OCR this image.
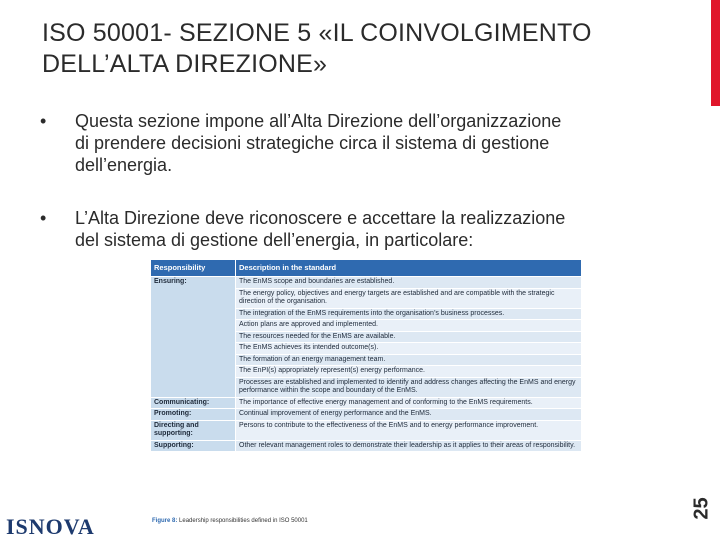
ISO 50001- SEZIONE 5 «IL COINVOLGIMENTO
DELL’ALTA DIREZIONE»
• Questa sezione impone all’Alta Direzione dell’organizzazione
di prendere decisioni strategiche circa il sistema di gestione
dell’energia.
• L’Alta Direzione deve riconoscere e accettare la realizzazione
del sistema di gestione dell’energia, in particolare:
Responsibility	Description in the standard
Ensuring:	The EnMS scope and boundaries are established.
	The energy policy, objectives and energy targets are established and are compatible with the strategic direction of the organisation.
	The integration of the EnMS requirements into the organisation’s business processes.
	Action plans are approved and implemented.
	The resources needed for the EnMS are available.
	The EnMS achieves its intended outcome(s).
	The formation of an energy management team.
	The EnPI(s) appropriately represent(s) energy performance.
	Processes are established and implemented to identify and address changes affecting the EnMS and energy performance within the scope and boundary of the EnMS.
Communicating:	The importance of effective energy management and of conforming to the EnMS requirements.
Promoting:	Continual improvement of energy performance and the EnMS.
Directing and supporting:	Persons to contribute to the effectiveness of the EnMS and to energy performance improvement.
Supporting:	Other relevant management roles to demonstrate their leadership as it applies to their areas of responsibility.
Figure 8: Leadership responsibilities defined in ISO 50001
ISNOVA
25
